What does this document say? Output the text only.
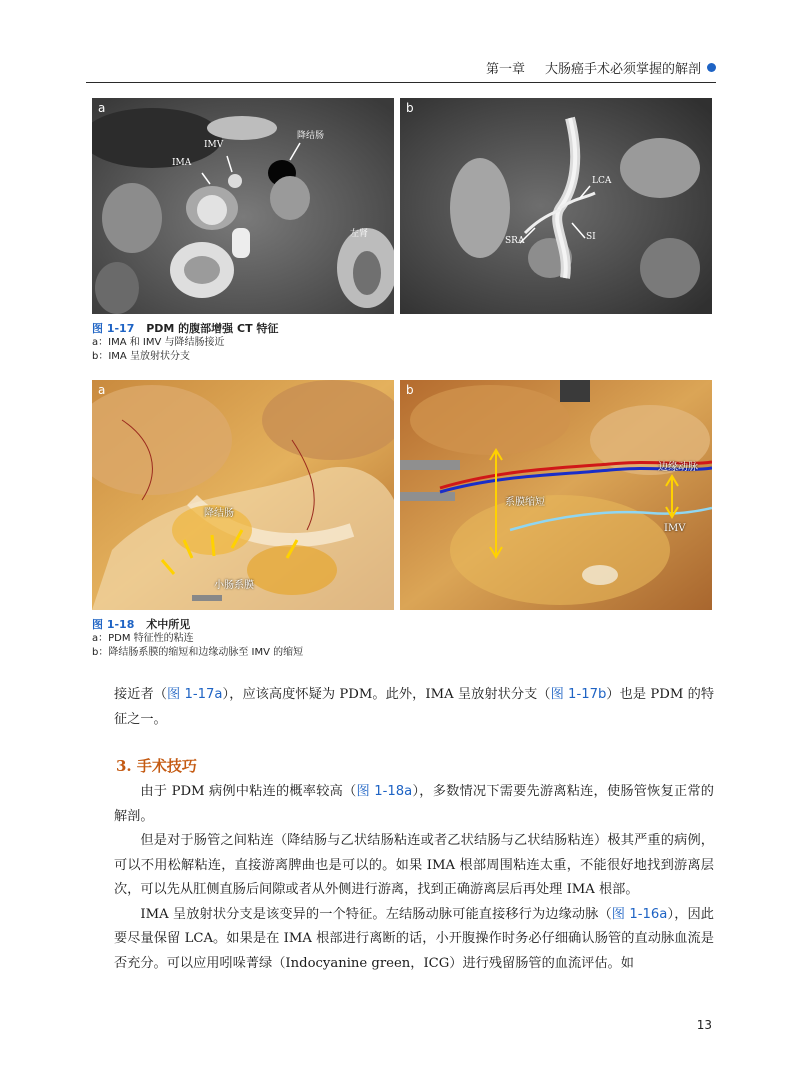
第一章 大肠癌手术必须掌握的解剖
a
IMV
IMA
降结肠
左肾
b
LCA
SRA	SI
图 1-17 PDM 的腹部增强 CT 特征
a：IMA 和 IMV 与降结肠接近
b：IMA 呈放射状分支
a
降结肠
小肠系膜
b
边缘动脉
系膜缩短
IMV
图 1-18 术中所见
a：PDM 特征性的粘连
b：降结肠系膜的缩短和边缘动脉至 IMV 的缩短

接近者（图 1-17a），应该高度怀疑为 PDM。此外，IMA 呈放射状分支（图 1-17b）也是 PDM 的特征之一。

3. 手术技巧

由于 PDM 病例中粘连的概率较高（图 1-18a），多数情况下需要先游离粘连，使肠管恢复正常的解剖。

但是对于肠管之间粘连（降结肠与乙状结肠粘连或者乙状结肠与乙状结肠粘连）极其严重的病例，可以不用松解粘连，直接游离脾曲也是可以的。如果 IMA 根部周围粘连太重，不能很好地找到游离层次，可以先从肛侧直肠后间隙或者从外侧进行游离，找到正确游离层后再处理 IMA 根部。

IMA 呈放射状分支是该变异的一个特征。左结肠动脉可能直接移行为边缘动脉（图 1-16a），因此要尽量保留 LCA。如果是在 IMA 根部进行离断的话，小开腹操作时务必仔细确认肠管的直动脉血流是否充分。可以应用吲哚菁绿（Indocyanine green，ICG）进行残留肠管的血流评估。如

13
